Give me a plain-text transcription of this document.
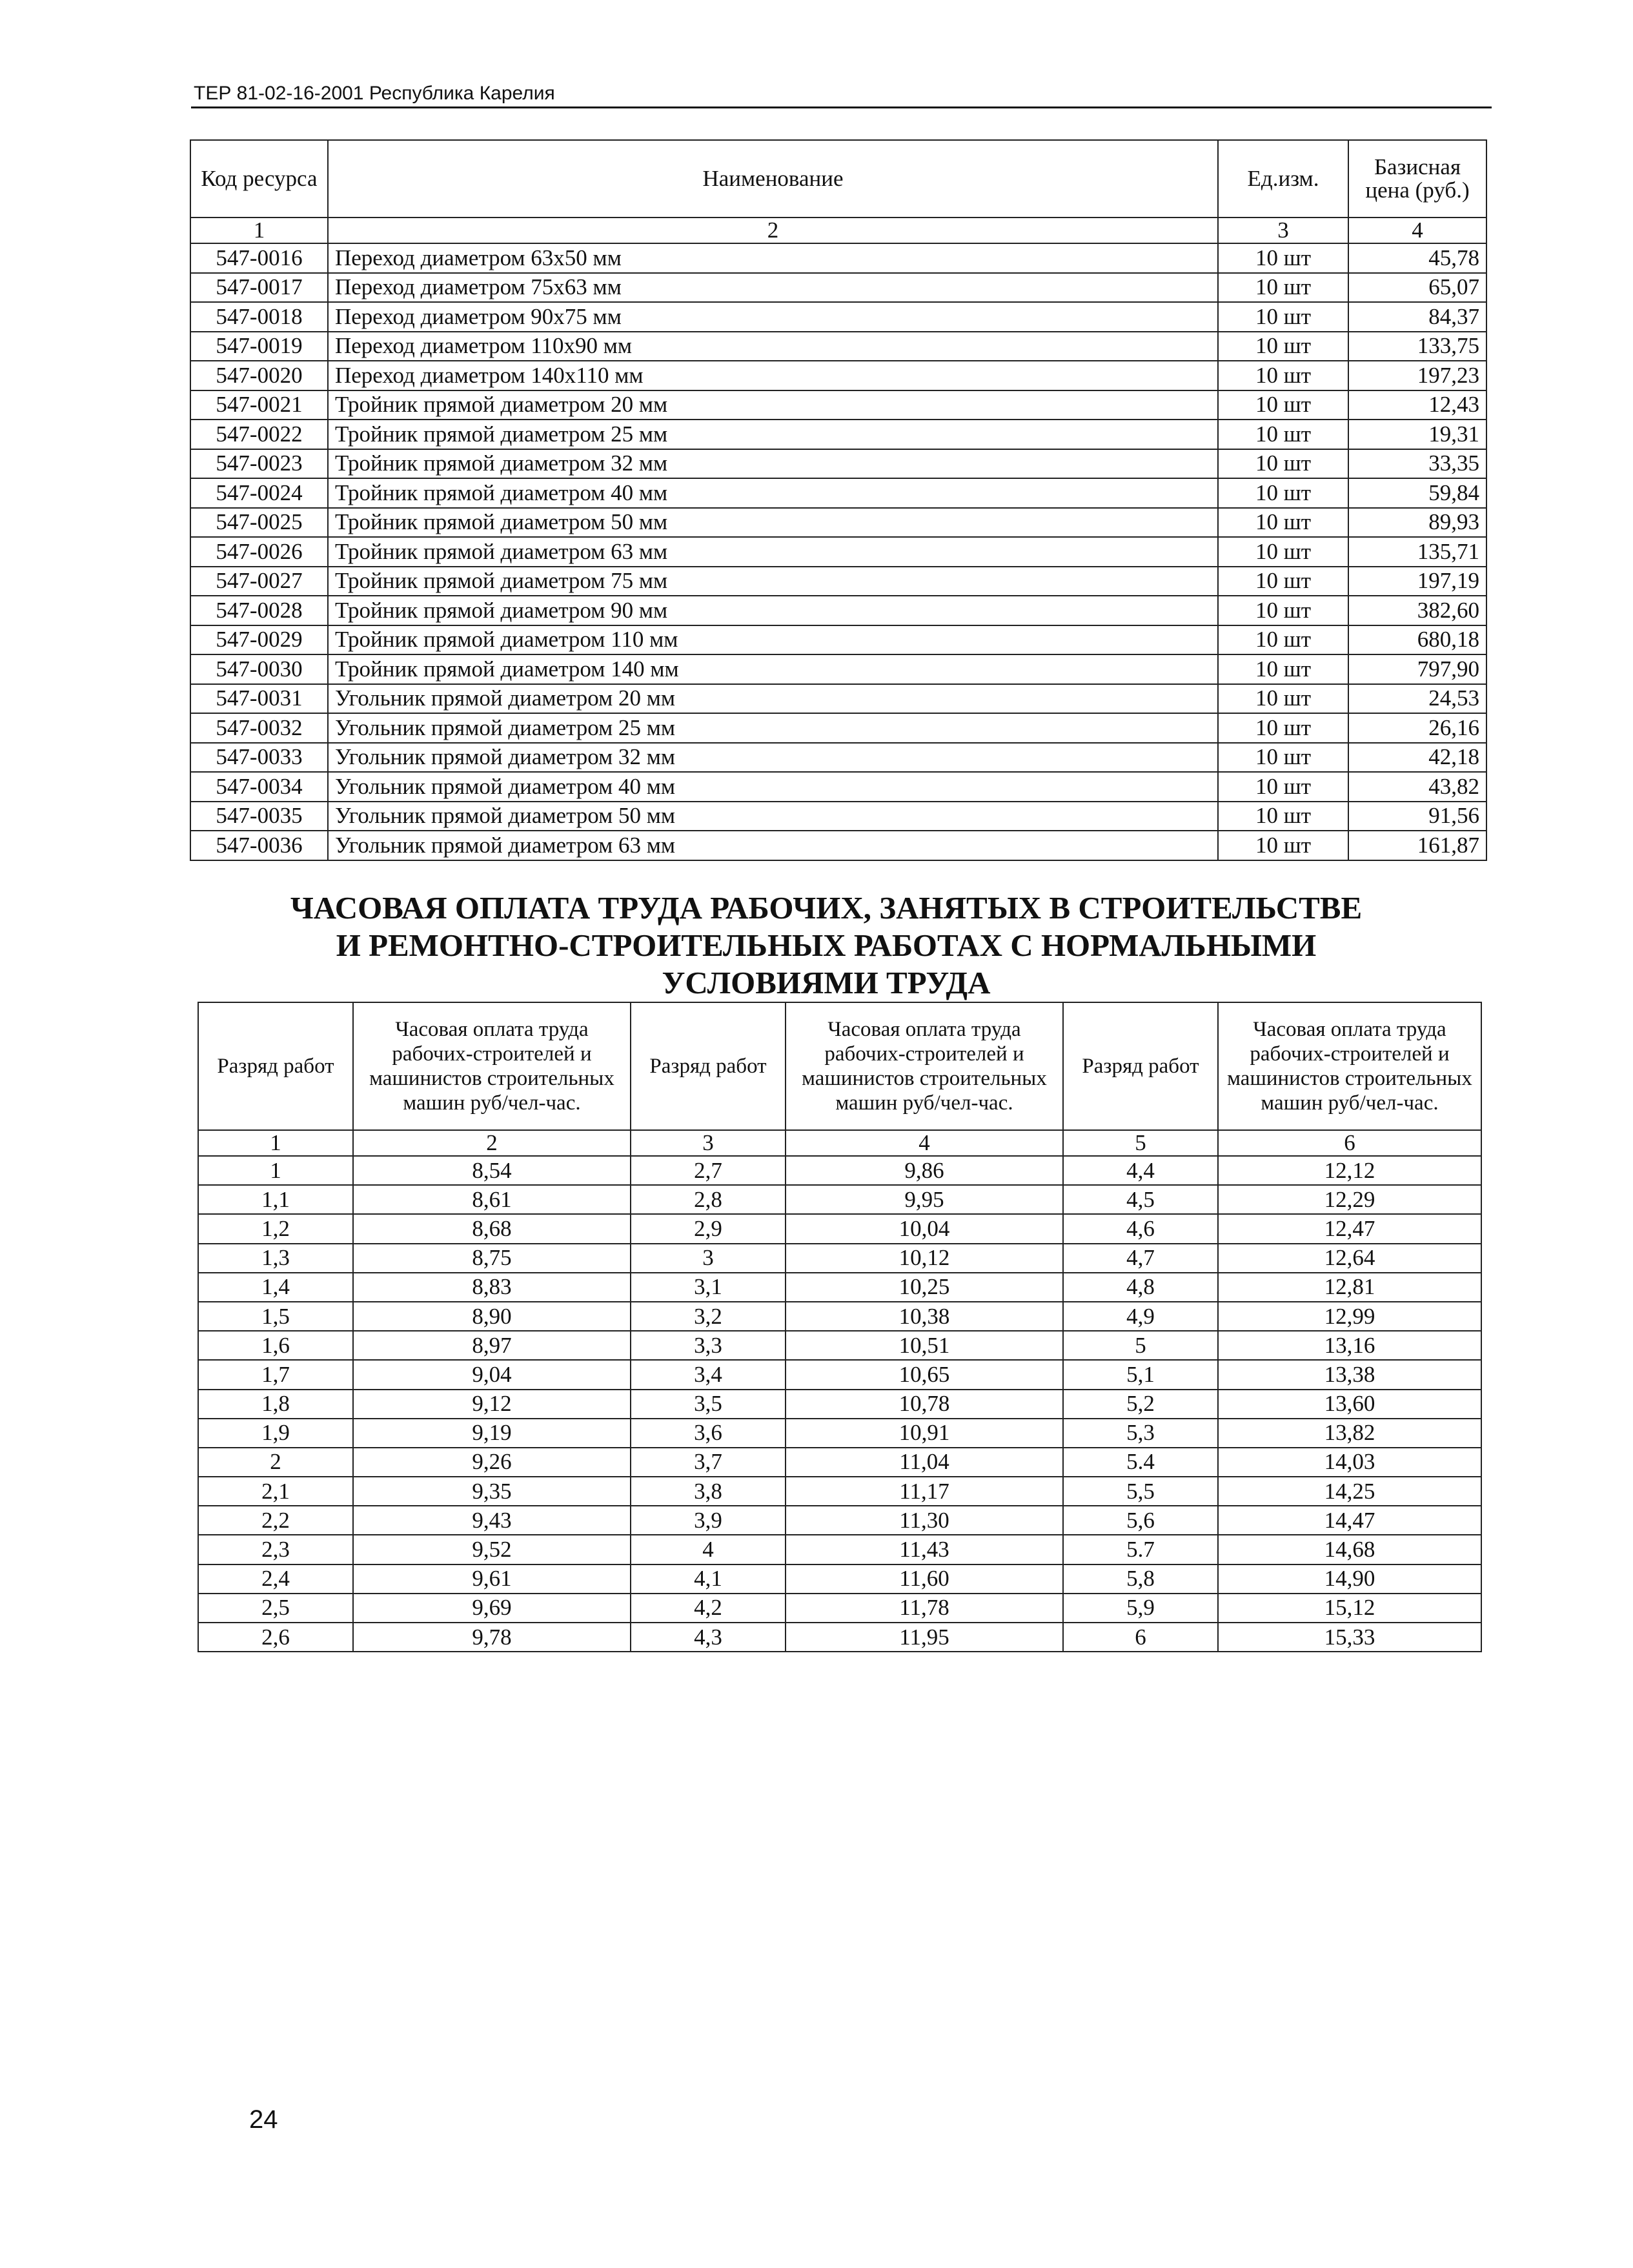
ТЕР 81-02-16-2001 Республика Карелия
Код ресурса	Наименование	Ед.изм.	Базисная цена (руб.)
1	2	3	4
547-0016	Переход диаметром 63х50 мм	10 шт	45,78
547-0017	Переход диаметром 75х63 мм	10 шт	65,07
547-0018	Переход диаметром 90х75 мм	10 шт	84,37
547-0019	Переход диаметром 110х90 мм	10 шт	133,75
547-0020	Переход диаметром 140х110 мм	10 шт	197,23
547-0021	Тройник прямой диаметром 20 мм	10 шт	12,43
547-0022	Тройник прямой диаметром 25 мм	10 шт	19,31
547-0023	Тройник прямой диаметром 32 мм	10 шт	33,35
547-0024	Тройник прямой диаметром 40 мм	10 шт	59,84
547-0025	Тройник прямой диаметром 50 мм	10 шт	89,93
547-0026	Тройник прямой диаметром 63 мм	10 шт	135,71
547-0027	Тройник прямой диаметром 75 мм	10 шт	197,19
547-0028	Тройник прямой диаметром 90 мм	10 шт	382,60
547-0029	Тройник прямой диаметром 110 мм	10 шт	680,18
547-0030	Тройник прямой диаметром 140 мм	10 шт	797,90
547-0031	Угольник прямой диаметром 20 мм	10 шт	24,53
547-0032	Угольник прямой диаметром 25 мм	10 шт	26,16
547-0033	Угольник прямой диаметром 32 мм	10 шт	42,18
547-0034	Угольник прямой диаметром 40 мм	10 шт	43,82
547-0035	Угольник прямой диаметром 50 мм	10 шт	91,56
547-0036	Угольник прямой диаметром 63 мм	10 шт	161,87
ЧАСОВАЯ ОПЛАТА ТРУДА РАБОЧИХ, ЗАНЯТЫХ В СТРОИТЕЛЬСТВЕ
И РЕМОНТНО-СТРОИТЕЛЬНЫХ РАБОТАХ С НОРМАЛЬНЫМИ
УСЛОВИЯМИ ТРУДА
Разряд работ	Часовая оплата труда рабочих-строителей и машинистов строительных машин руб/чел-час.	Разряд работ	Часовая оплата труда рабочих-строителей и машинистов строительных машин руб/чел-час.	Разряд работ	Часовая оплата труда рабочих-строителей и машинистов строительных машин руб/чел-час.
1	2	3	4	5	6
1	8,54	2,7	9,86	4,4	12,12
1,1	8,61	2,8	9,95	4,5	12,29
1,2	8,68	2,9	10,04	4,6	12,47
1,3	8,75	3	10,12	4,7	12,64
1,4	8,83	3,1	10,25	4,8	12,81
1,5	8,90	3,2	10,38	4,9	12,99
1,6	8,97	3,3	10,51	5	13,16
1,7	9,04	3,4	10,65	5,1	13,38
1,8	9,12	3,5	10,78	5,2	13,60
1,9	9,19	3,6	10,91	5,3	13,82
2	9,26	3,7	11,04	5.4	14,03
2,1	9,35	3,8	11,17	5,5	14,25
2,2	9,43	3,9	11,30	5,6	14,47
2,3	9,52	4	11,43	5.7	14,68
2,4	9,61	4,1	11,60	5,8	14,90
2,5	9,69	4,2	11,78	5,9	15,12
2,6	9,78	4,3	11,95	6	15,33
24
